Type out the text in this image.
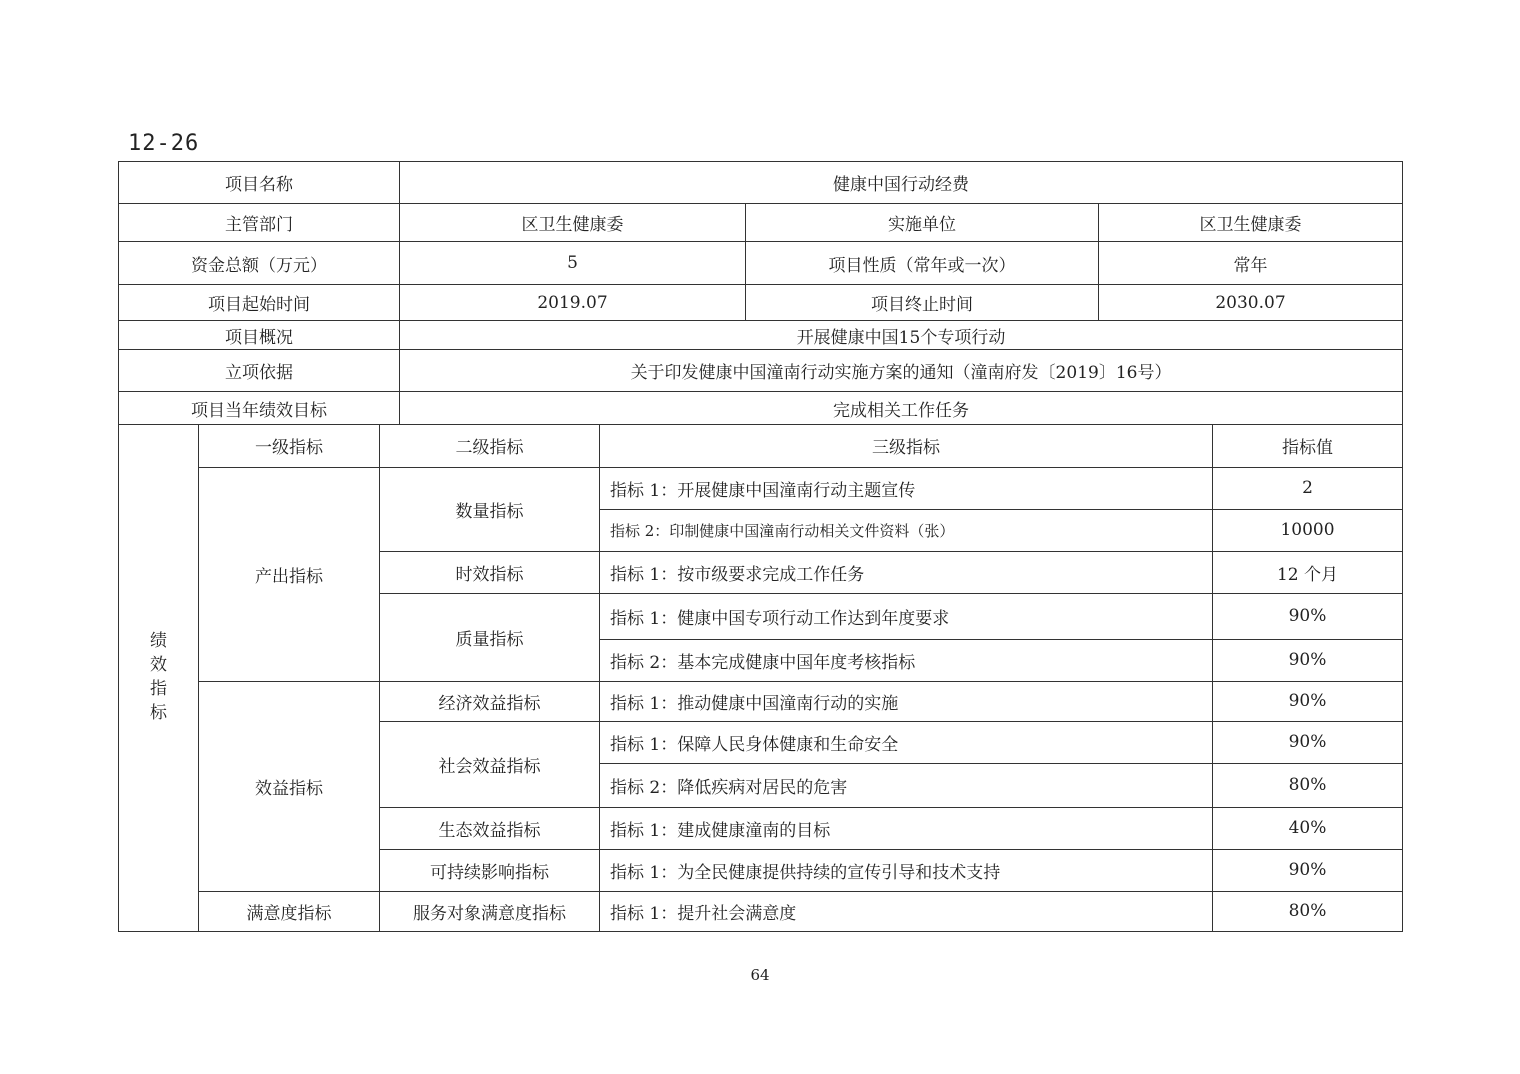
12-26
项目名称	健康中国行动经费		
主管部门	区卫生健康委	实施单位	区卫生健康委
资金总额（万元）	5	项目性质（常年或一次）	常年
项目起始时间	2019.07	项目终止时间	2030.07
项目概况	开展健康中国15个专项行动		
立项依据	关于印发健康中国潼南行动实施方案的通知（潼南府发〔2019〕16号）		
项目当年绩效目标	完成相关工作任务		
绩效指标	一级指标	二级指标	三级指标	指标值
	产出指标	数量指标	指标 1：开展健康中国潼南行动主题宣传	2
			指标 2：印制健康中国潼南行动相关文件资料（张）	10000
		时效指标	指标 1：按市级要求完成工作任务	12 个月
		质量指标	指标 1：健康中国专项行动工作达到年度要求	90%
			指标 2：基本完成健康中国年度考核指标	90%
	效益指标	经济效益指标	指标 1：推动健康中国潼南行动的实施	90%
		社会效益指标	指标 1：保障人民身体健康和生命安全	90%
			指标 2：降低疾病对居民的危害	80%
		生态效益指标	指标 1：建成健康潼南的目标	40%
		可持续影响指标	指标 1：为全民健康提供持续的宣传引导和技术支持	90%
	满意度指标	服务对象满意度指标	指标 1：提升社会满意度	80%
64
